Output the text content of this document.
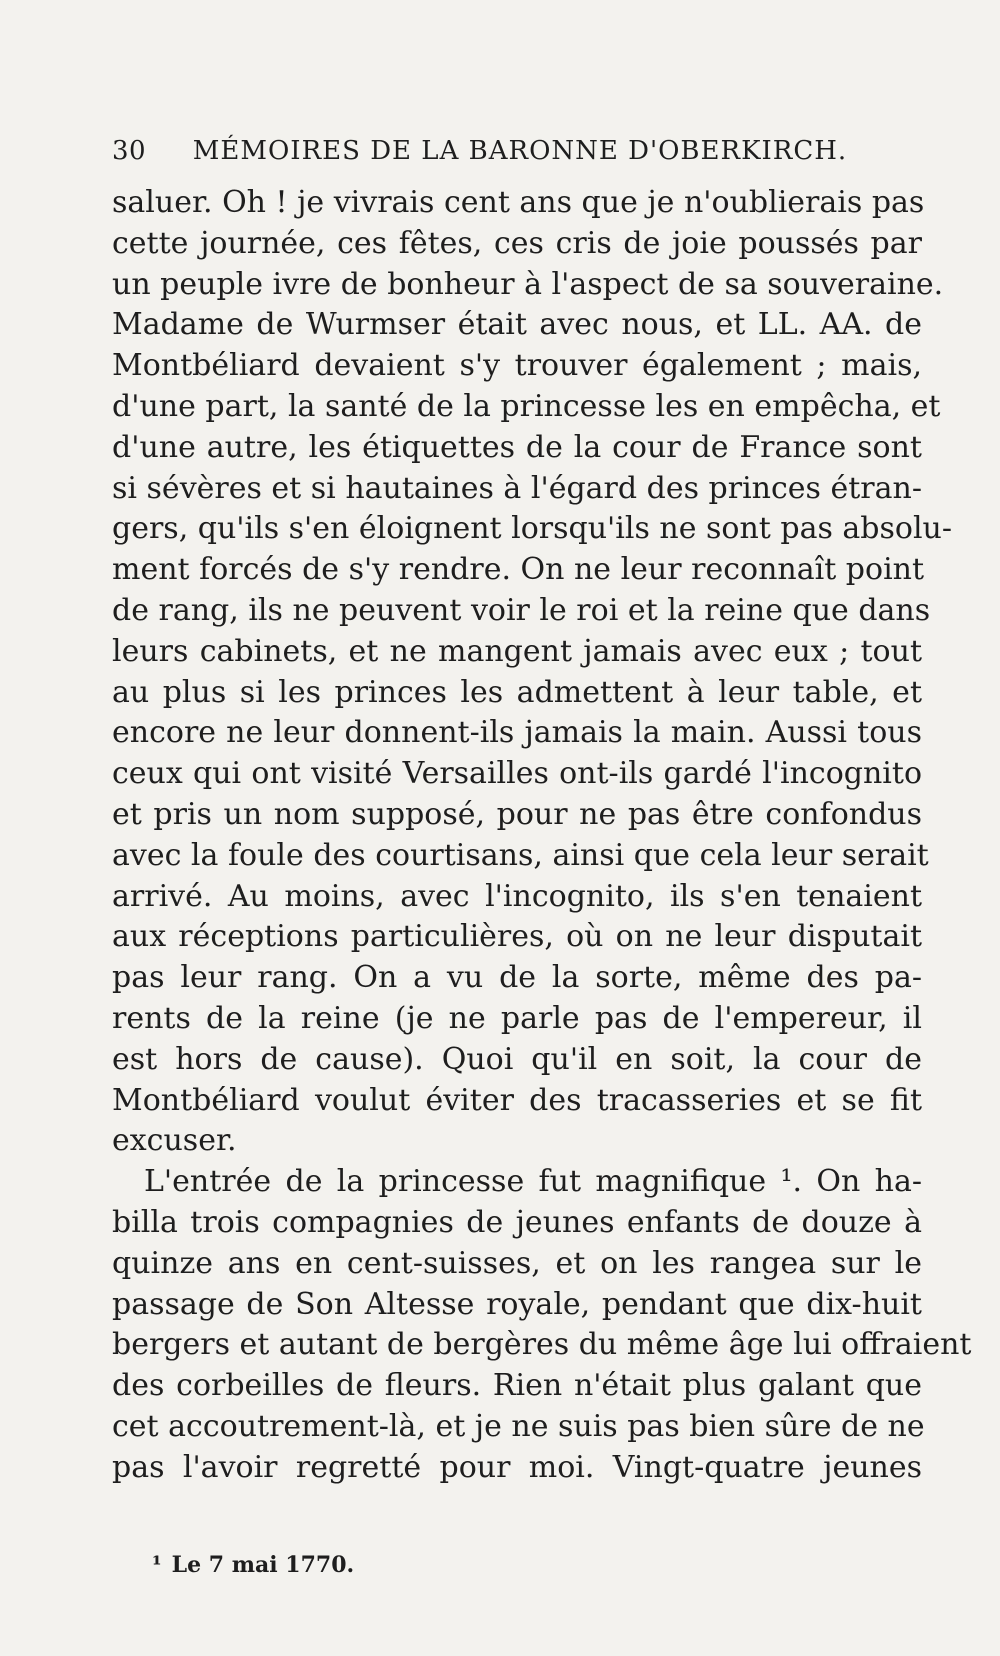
30 MÉMOIRES DE LA BARONNE D'OBERKIRCH.
saluer. Oh ! je vivrais cent ans que je n'oublierais pas
cette journée, ces fêtes, ces cris de joie poussés par
un peuple ivre de bonheur à l'aspect de sa souveraine.
Madame de Wurmser était avec nous, et LL. AA. de
Montbéliard devaient s'y trouver également ; mais,
d'une part, la santé de la princesse les en empêcha, et
d'une autre, les étiquettes de la cour de France sont
si sévères et si hautaines à l'égard des princes étran-
gers, qu'ils s'en éloignent lorsqu'ils ne sont pas absolu-
ment forcés de s'y rendre. On ne leur reconnaît point
de rang, ils ne peuvent voir le roi et la reine que dans
leurs cabinets, et ne mangent jamais avec eux ; tout
au plus si les princes les admettent à leur table, et
encore ne leur donnent-ils jamais la main. Aussi tous
ceux qui ont visité Versailles ont-ils gardé l'incognito
et pris un nom supposé, pour ne pas être confondus
avec la foule des courtisans, ainsi que cela leur serait
arrivé. Au moins, avec l'incognito, ils s'en tenaient
aux réceptions particulières, où on ne leur disputait
pas leur rang. On a vu de la sorte, même des pa-
rents de la reine (je ne parle pas de l'empereur, il
est hors de cause). Quoi qu'il en soit, la cour de
Montbéliard voulut éviter des tracasseries et se fit
excuser.
L'entrée de la princesse fut magnifique ¹. On ha-
billa trois compagnies de jeunes enfants de douze à
quinze ans en cent-suisses, et on les rangea sur le
passage de Son Altesse royale, pendant que dix-huit
bergers et autant de bergères du même âge lui offraient
des corbeilles de fleurs. Rien n'était plus galant que
cet accoutrement-là, et je ne suis pas bien sûre de ne
pas l'avoir regretté pour moi. Vingt-quatre jeunes
¹ Le 7 mai 1770.
